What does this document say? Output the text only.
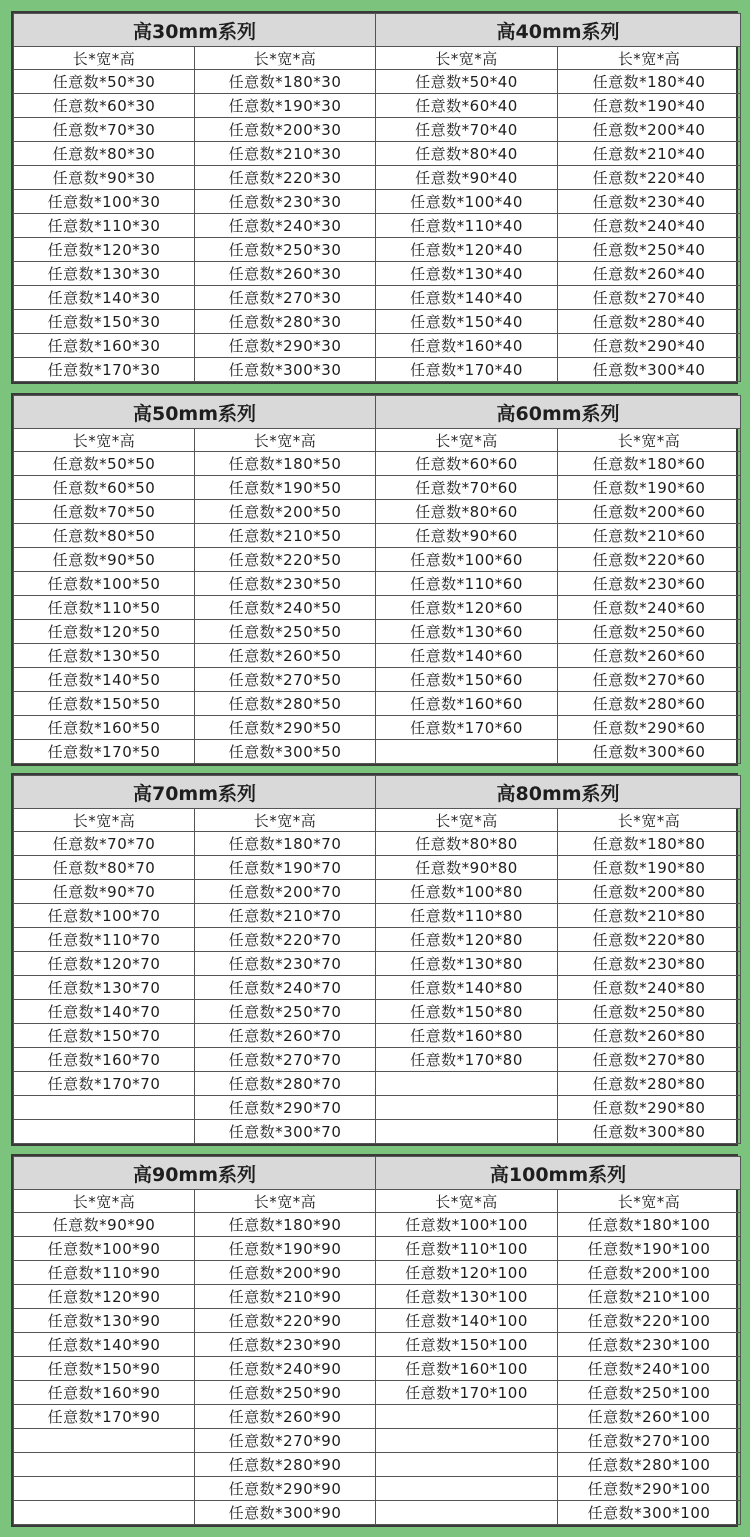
高30mm系列		高40mm系列	
长*宽*高	长*宽*高	长*宽*高	长*宽*高
任意数*50*30	任意数*180*30	任意数*50*40	任意数*180*40
任意数*60*30	任意数*190*30	任意数*60*40	任意数*190*40
任意数*70*30	任意数*200*30	任意数*70*40	任意数*200*40
任意数*80*30	任意数*210*30	任意数*80*40	任意数*210*40
任意数*90*30	任意数*220*30	任意数*90*40	任意数*220*40
任意数*100*30	任意数*230*30	任意数*100*40	任意数*230*40
任意数*110*30	任意数*240*30	任意数*110*40	任意数*240*40
任意数*120*30	任意数*250*30	任意数*120*40	任意数*250*40
任意数*130*30	任意数*260*30	任意数*130*40	任意数*260*40
任意数*140*30	任意数*270*30	任意数*140*40	任意数*270*40
任意数*150*30	任意数*280*30	任意数*150*40	任意数*280*40
任意数*160*30	任意数*290*30	任意数*160*40	任意数*290*40
任意数*170*30	任意数*300*30	任意数*170*40	任意数*300*40
高50mm系列		高60mm系列	
长*宽*高	长*宽*高	长*宽*高	长*宽*高
任意数*50*50	任意数*180*50	任意数*60*60	任意数*180*60
任意数*60*50	任意数*190*50	任意数*70*60	任意数*190*60
任意数*70*50	任意数*200*50	任意数*80*60	任意数*200*60
任意数*80*50	任意数*210*50	任意数*90*60	任意数*210*60
任意数*90*50	任意数*220*50	任意数*100*60	任意数*220*60
任意数*100*50	任意数*230*50	任意数*110*60	任意数*230*60
任意数*110*50	任意数*240*50	任意数*120*60	任意数*240*60
任意数*120*50	任意数*250*50	任意数*130*60	任意数*250*60
任意数*130*50	任意数*260*50	任意数*140*60	任意数*260*60
任意数*140*50	任意数*270*50	任意数*150*60	任意数*270*60
任意数*150*50	任意数*280*50	任意数*160*60	任意数*280*60
任意数*160*50	任意数*290*50	任意数*170*60	任意数*290*60
任意数*170*50	任意数*300*50		任意数*300*60
高70mm系列		高80mm系列	
长*宽*高	长*宽*高	长*宽*高	长*宽*高
任意数*70*70	任意数*180*70	任意数*80*80	任意数*180*80
任意数*80*70	任意数*190*70	任意数*90*80	任意数*190*80
任意数*90*70	任意数*200*70	任意数*100*80	任意数*200*80
任意数*100*70	任意数*210*70	任意数*110*80	任意数*210*80
任意数*110*70	任意数*220*70	任意数*120*80	任意数*220*80
任意数*120*70	任意数*230*70	任意数*130*80	任意数*230*80
任意数*130*70	任意数*240*70	任意数*140*80	任意数*240*80
任意数*140*70	任意数*250*70	任意数*150*80	任意数*250*80
任意数*150*70	任意数*260*70	任意数*160*80	任意数*260*80
任意数*160*70	任意数*270*70	任意数*170*80	任意数*270*80
任意数*170*70	任意数*280*70		任意数*280*80
	任意数*290*70		任意数*290*80
	任意数*300*70		任意数*300*80
高90mm系列		高100mm系列	
长*宽*高	长*宽*高	长*宽*高	长*宽*高
任意数*90*90	任意数*180*90	任意数*100*100	任意数*180*100
任意数*100*90	任意数*190*90	任意数*110*100	任意数*190*100
任意数*110*90	任意数*200*90	任意数*120*100	任意数*200*100
任意数*120*90	任意数*210*90	任意数*130*100	任意数*210*100
任意数*130*90	任意数*220*90	任意数*140*100	任意数*220*100
任意数*140*90	任意数*230*90	任意数*150*100	任意数*230*100
任意数*150*90	任意数*240*90	任意数*160*100	任意数*240*100
任意数*160*90	任意数*250*90	任意数*170*100	任意数*250*100
任意数*170*90	任意数*260*90		任意数*260*100
	任意数*270*90		任意数*270*100
	任意数*280*90		任意数*280*100
	任意数*290*90		任意数*290*100
	任意数*300*90		任意数*300*100
